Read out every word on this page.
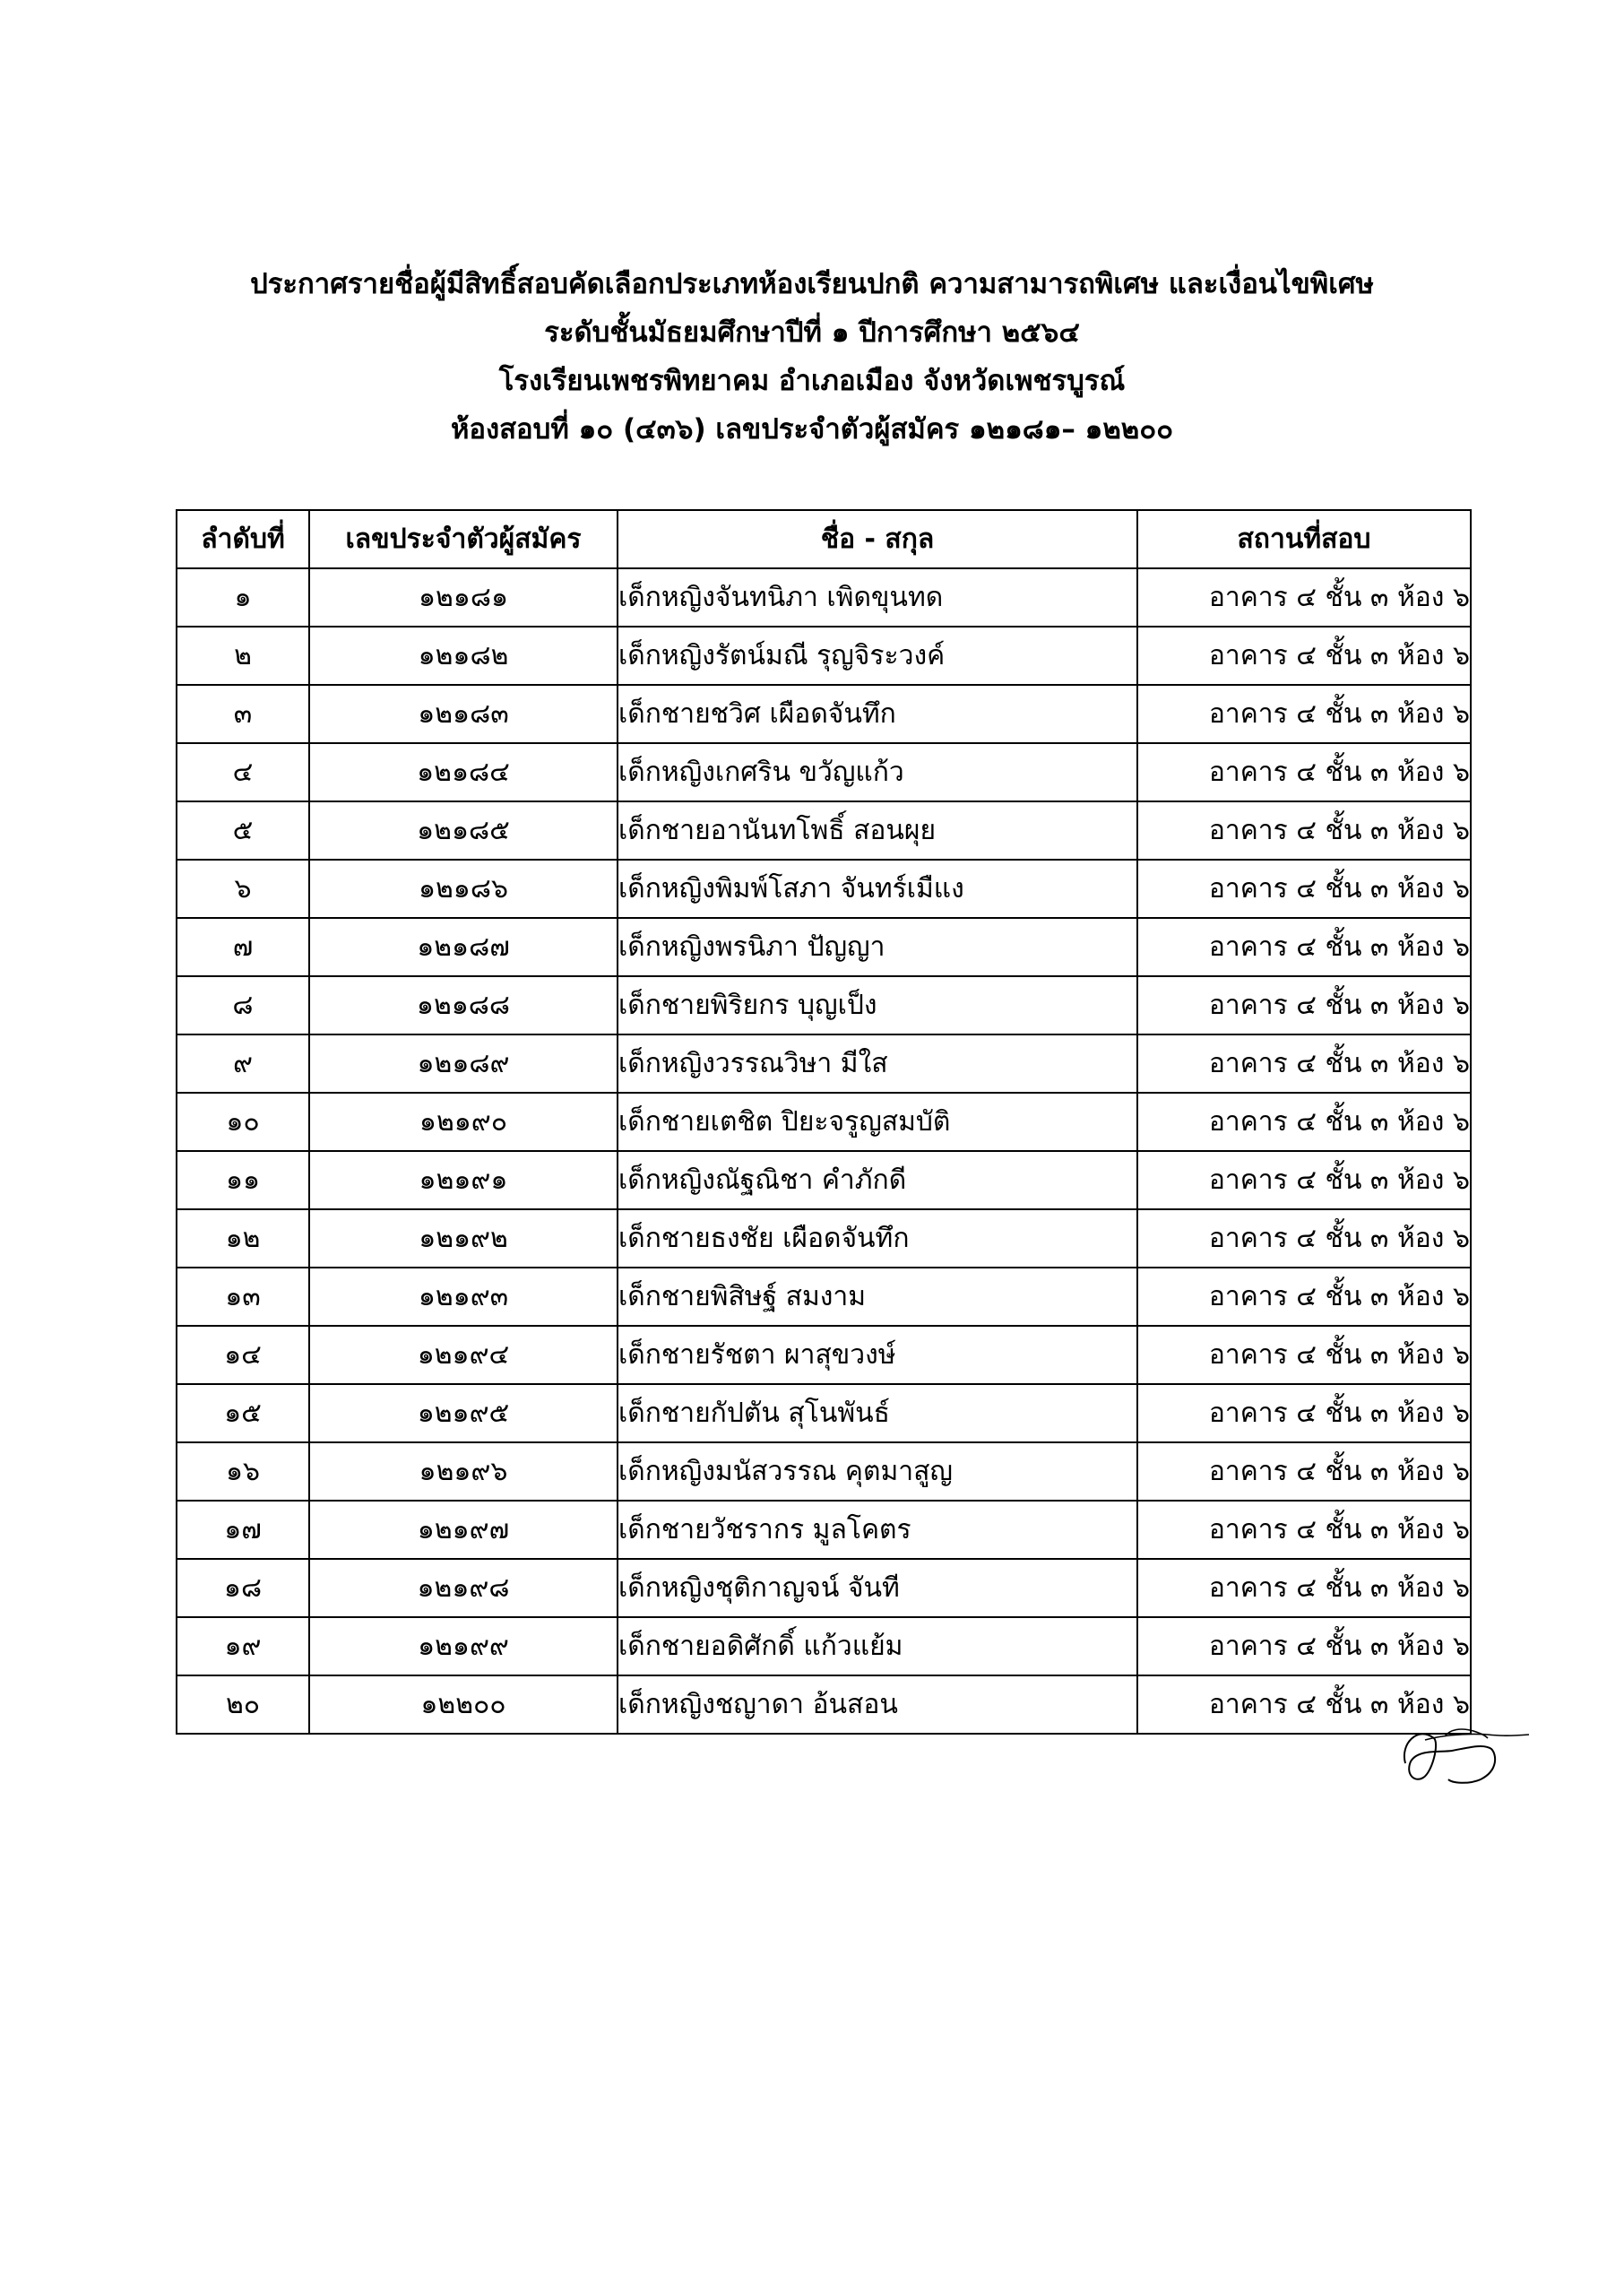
ประกาศรายชื่อผู้มีสิทธิ์สอบคัดเลือกประเภทห้องเรียนปกติ ความสามารถพิเศษ และเงื่อนไขพิเศษ
ระดับชั้นมัธยมศึกษาปีที่ ๑ ปีการศึกษา ๒๕๖๔
โรงเรียนเพชรพิทยาคม อำเภอเมือง จังหวัดเพชรบูรณ์
ห้องสอบที่ ๑๐ (๔๓๖) เลขประจำตัวผู้สมัคร ๑๒๑๘๑– ๑๒๒๐๐
ลำดับที่	เลขประจำตัวผู้สมัคร	ชื่อ - สกุล	สถานที่สอบ
๑	๑๒๑๘๑	เด็กหญิงจันทนิภา เพิดขุนทด	อาคาร ๔ ชั้น ๓ ห้อง ๖
๒	๑๒๑๘๒	เด็กหญิงรัตน์มณี รุญจิระวงค์	อาคาร ๔ ชั้น ๓ ห้อง ๖
๓	๑๒๑๘๓	เด็กชายชวิศ เผือดจันทึก	อาคาร ๔ ชั้น ๓ ห้อง ๖
๔	๑๒๑๘๔	เด็กหญิงเกศริน ขวัญแก้ว	อาคาร ๔ ชั้น ๓ ห้อง ๖
๕	๑๒๑๘๕	เด็กชายอานันทโพธิ์ สอนผุย	อาคาร ๔ ชั้น ๓ ห้อง ๖
๖	๑๒๑๘๖	เด็กหญิงพิมพ์โสภา จันทร์เมืแง	อาคาร ๔ ชั้น ๓ ห้อง ๖
๗	๑๒๑๘๗	เด็กหญิงพรนิภา ปัญญา	อาคาร ๔ ชั้น ๓ ห้อง ๖
๘	๑๒๑๘๘	เด็กชายพิริยกร บุญเป็ง	อาคาร ๔ ชั้น ๓ ห้อง ๖
๙	๑๒๑๘๙	เด็กหญิงวรรณวิษา มีใส	อาคาร ๔ ชั้น ๓ ห้อง ๖
๑๐	๑๒๑๙๐	เด็กชายเตชิต ปิยะจรูญสมบัติ	อาคาร ๔ ชั้น ๓ ห้อง ๖
๑๑	๑๒๑๙๑	เด็กหญิงณัฐณิชา คำภักดี	อาคาร ๔ ชั้น ๓ ห้อง ๖
๑๒	๑๒๑๙๒	เด็กชายธงชัย เผือดจันทึก	อาคาร ๔ ชั้น ๓ ห้อง ๖
๑๓	๑๒๑๙๓	เด็กชายพิสิษฐ์ สมงาม	อาคาร ๔ ชั้น ๓ ห้อง ๖
๑๔	๑๒๑๙๔	เด็กชายรัชตา ผาสุขวงษ์	อาคาร ๔ ชั้น ๓ ห้อง ๖
๑๕	๑๒๑๙๕	เด็กชายกัปตัน สุโนพันธ์	อาคาร ๔ ชั้น ๓ ห้อง ๖
๑๖	๑๒๑๙๖	เด็กหญิงมนัสวรรณ คุตมาสูญ	อาคาร ๔ ชั้น ๓ ห้อง ๖
๑๗	๑๒๑๙๗	เด็กชายวัชรากร มูลโคตร	อาคาร ๔ ชั้น ๓ ห้อง ๖
๑๘	๑๒๑๙๘	เด็กหญิงชุติกาญจน์ จันที	อาคาร ๔ ชั้น ๓ ห้อง ๖
๑๙	๑๒๑๙๙	เด็กชายอดิศักดิ์ แก้วแย้ม	อาคาร ๔ ชั้น ๓ ห้อง ๖
๒๐	๑๒๒๐๐	เด็กหญิงชญาดา อ้นสอน	อาคาร ๔ ชั้น ๓ ห้อง ๖
